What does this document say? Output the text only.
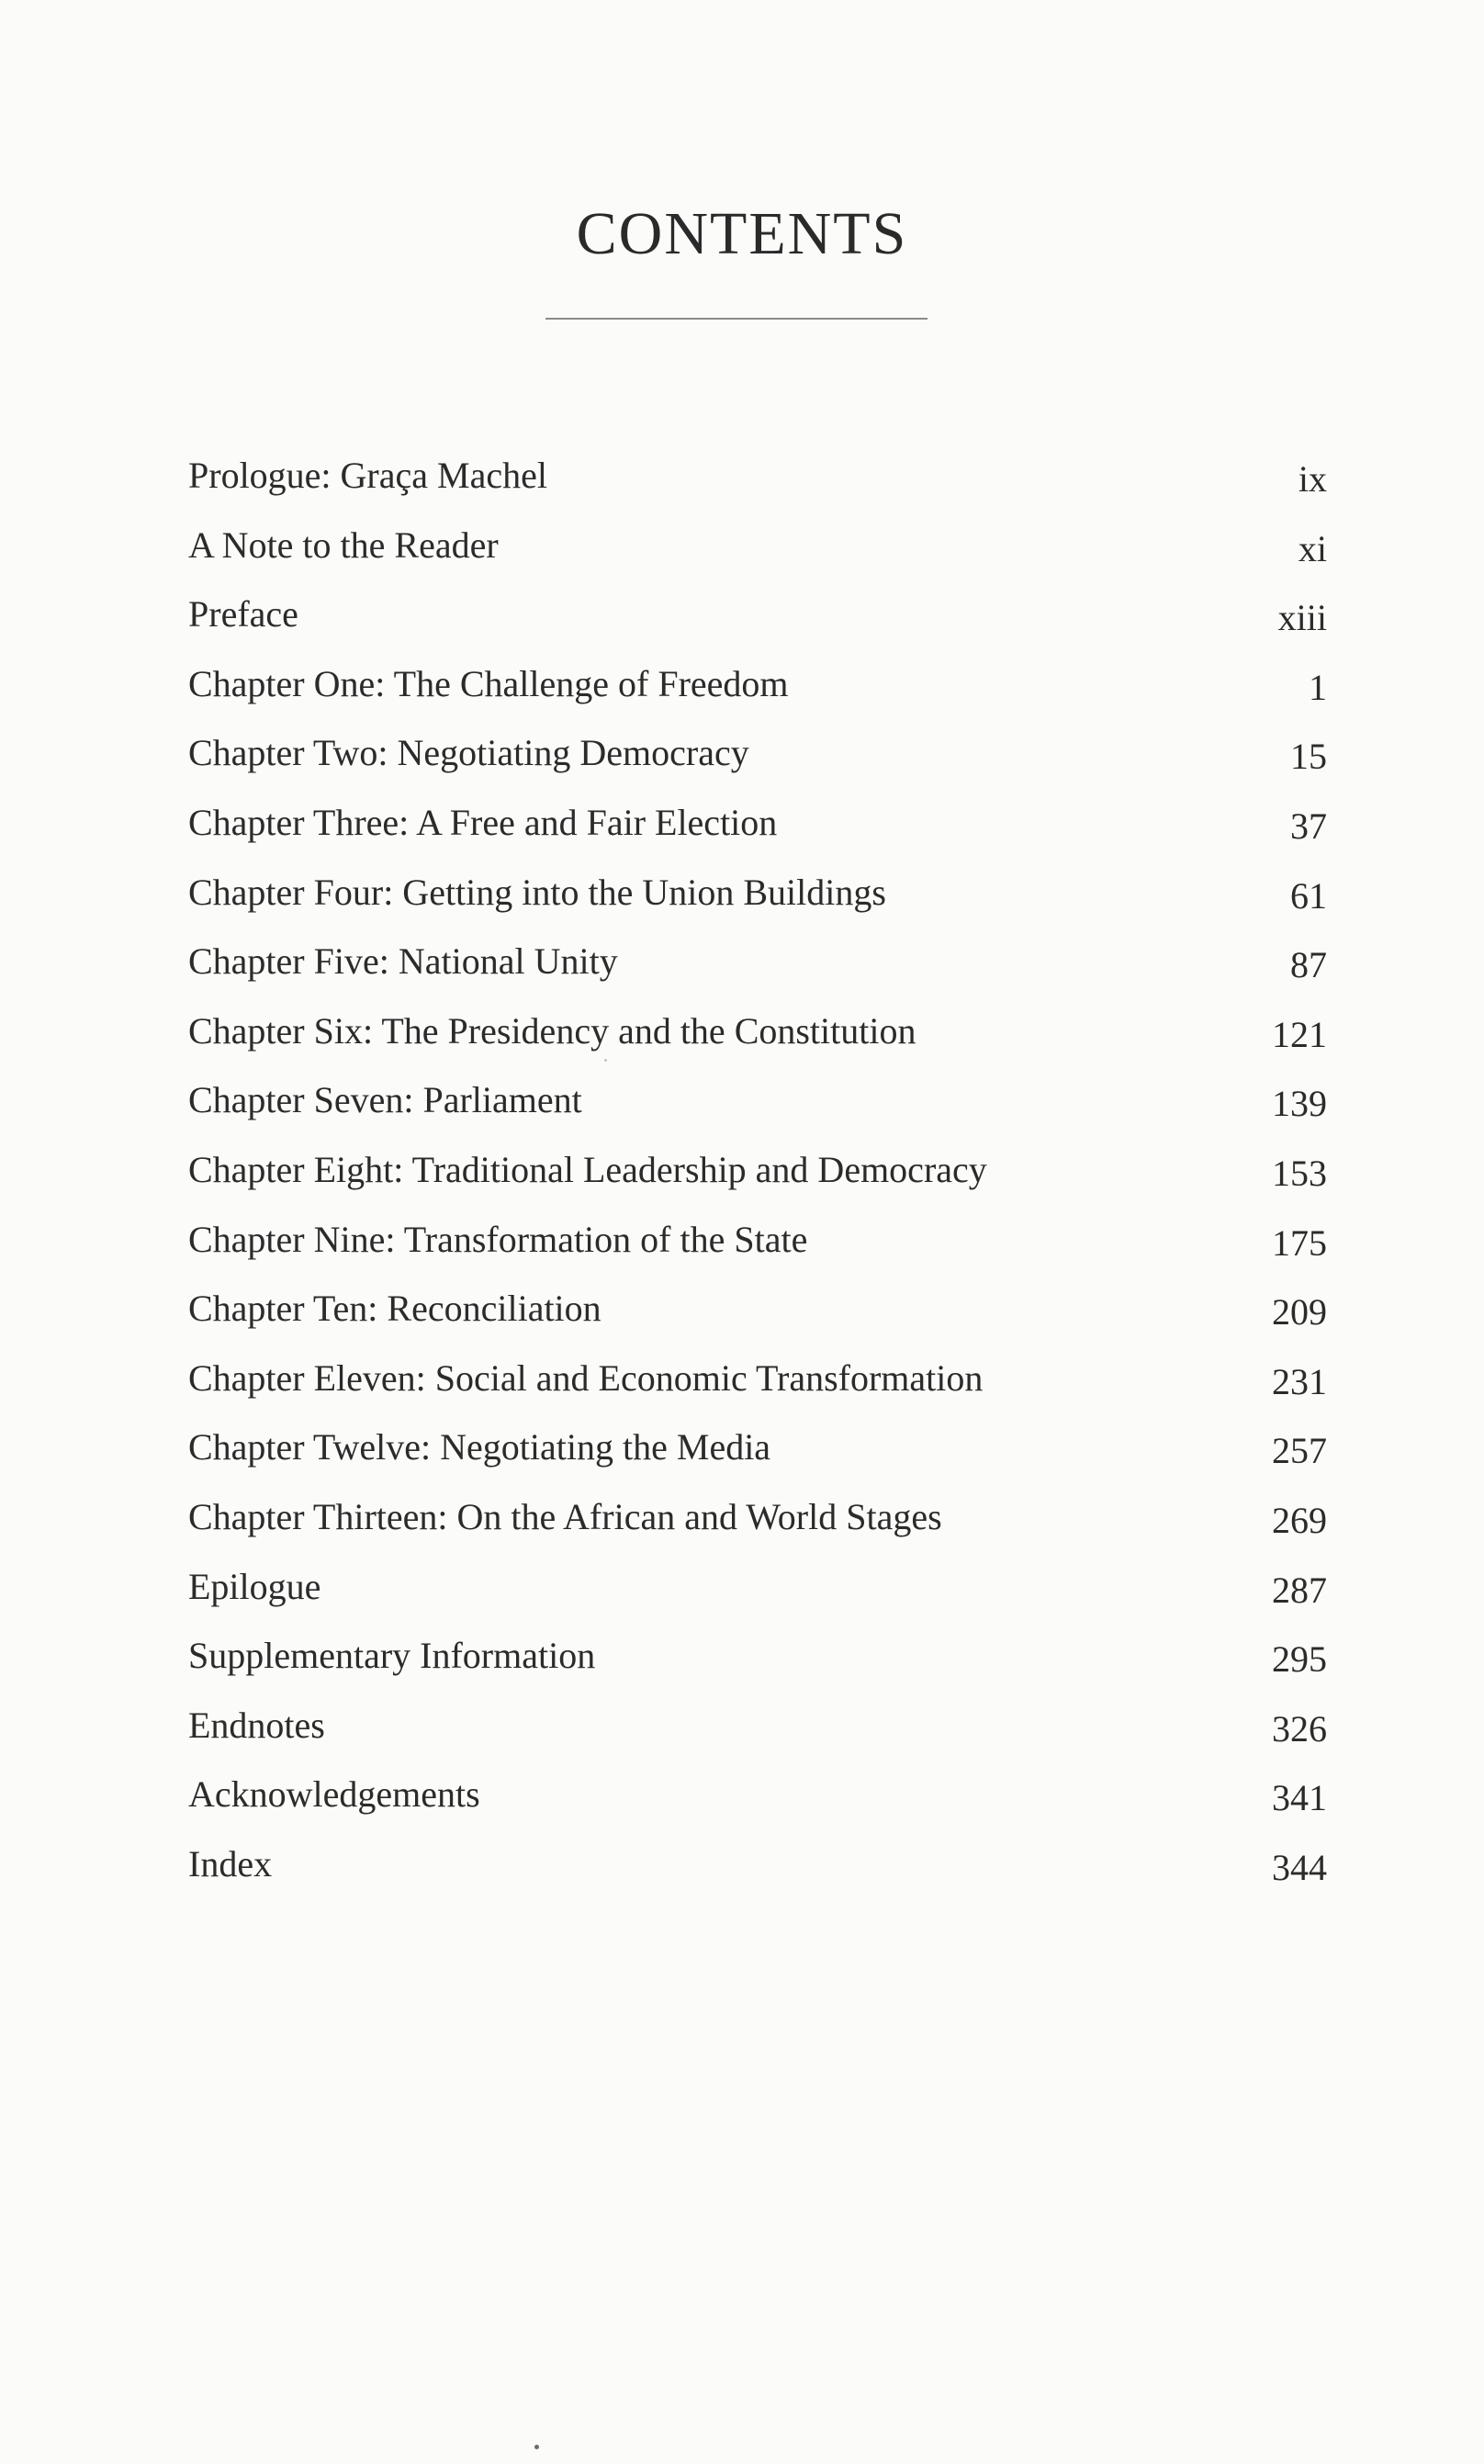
CONTENTS
Prologue: Graça Machel	ix
A Note to the Reader	xi
Preface	xiii
Chapter One: The Challenge of Freedom	1
Chapter Two: Negotiating Democracy	15
Chapter Three: A Free and Fair Election	37
Chapter Four: Getting into the Union Buildings	61
Chapter Five: National Unity	87
Chapter Six: The Presidency and the Constitution	121
Chapter Seven: Parliament	139
Chapter Eight: Traditional Leadership and Democracy	153
Chapter Nine: Transformation of the State	175
Chapter Ten: Reconciliation	209
Chapter Eleven: Social and Economic Transformation	231
Chapter Twelve: Negotiating the Media	257
Chapter Thirteen: On the African and World Stages	269
Epilogue	287
Supplementary Information	295
Endnotes	326
Acknowledgements	341
Index	344
